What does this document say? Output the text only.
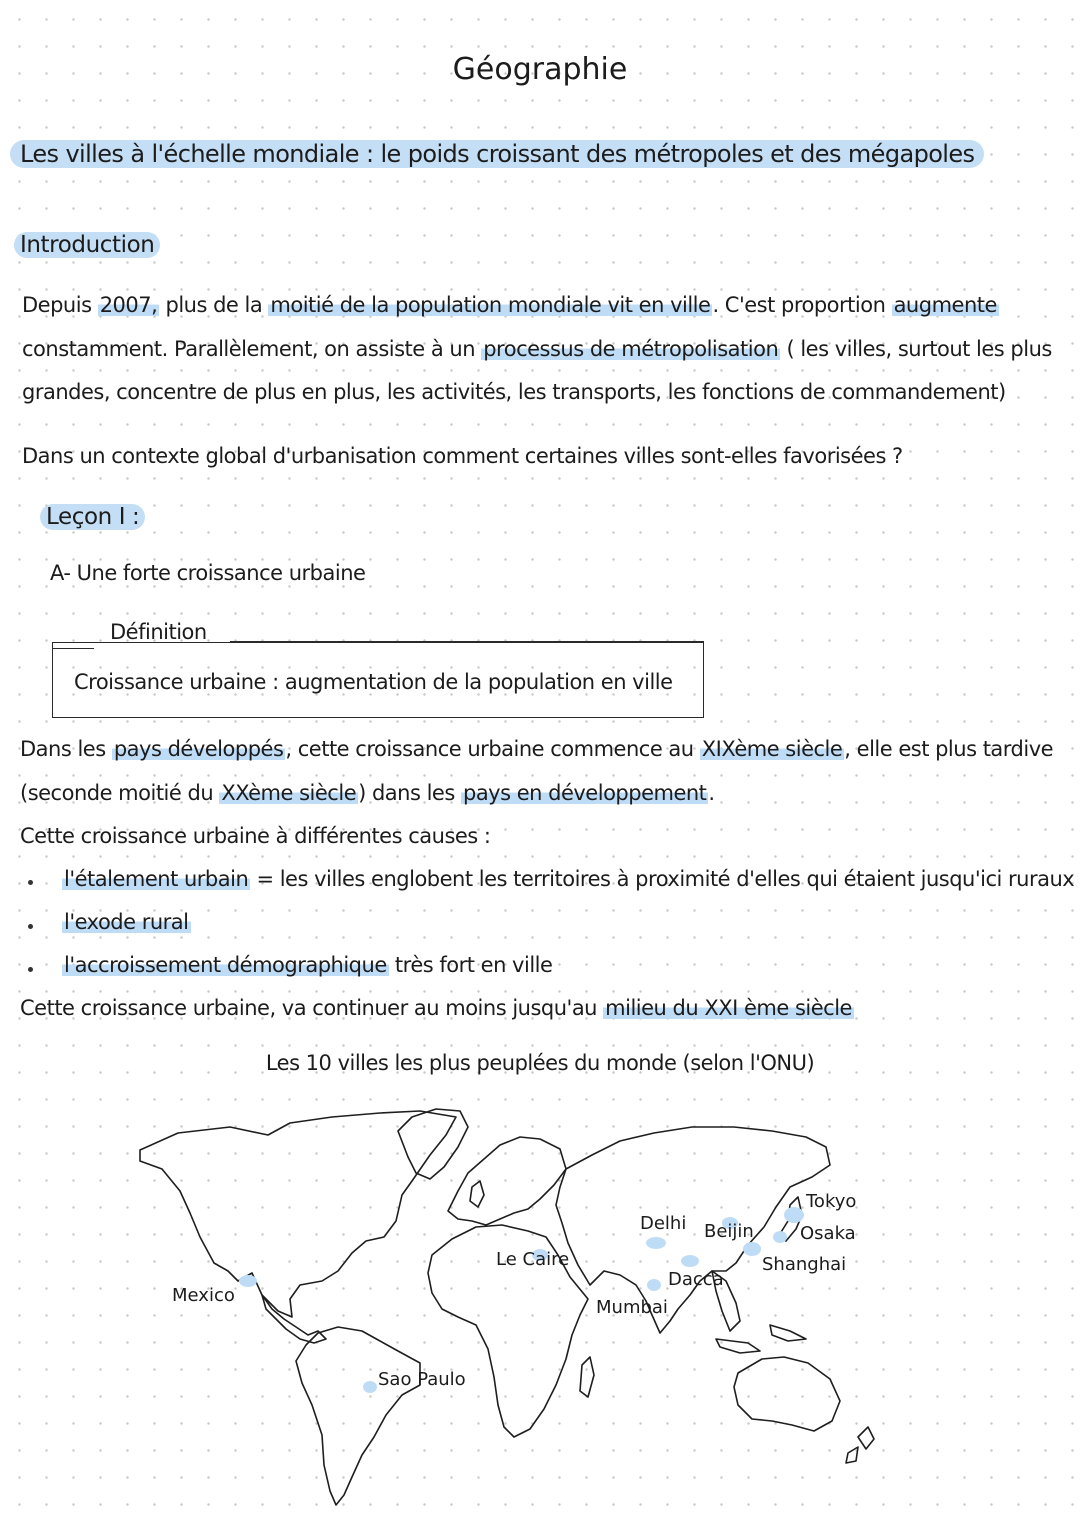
Géographie
Les villes à l'échelle mondiale : le poids croissant des métropoles et des mégapoles
Introduction
Depuis 2007, plus de la moitié de la population mondiale vit en ville. C'est proportion augmente
constamment. Parallèlement, on assiste à un processus de métropolisation ( les villes, surtout les plus
grandes, concentre de plus en plus, les activités, les transports, les fonctions de commandement)
Dans un contexte global d'urbanisation comment certaines villes sont-elles favorisées ?
Leçon I :
A- Une forte croissance urbaine
Définition
Croissance urbaine : augmentation de la population en ville
Dans les pays développés, cette croissance urbaine commence au XIXème siècle, elle est plus tardive
(seconde moitié du XXème siècle) dans les pays en développement.
Cette croissance urbaine à différentes causes :
l'étalement urbain = les villes englobent les territoires à proximité d'elles qui étaient jusqu'ici ruraux
l'exode rural
l'accroissement démographique très fort en ville
Cette croissance urbaine, va continuer au moins jusqu'au milieu du XXI ème siècle
Les 10 villes les plus peuplées du monde (selon l'ONU)
Tokyo
Osaka
Shanghai
Beijin
Delhi
Dacca
Mumbai
Le Caire
Mexico
Sao Paulo
